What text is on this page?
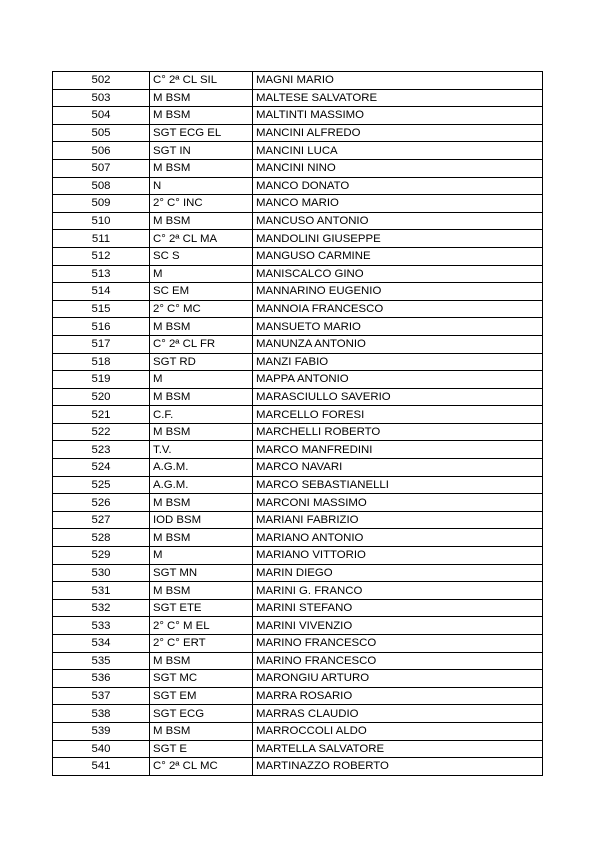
502	C° 2ª CL SIL	MAGNI MARIO
503	M BSM	MALTESE SALVATORE
504	M BSM	MALTINTI MASSIMO
505	SGT ECG EL	MANCINI ALFREDO
506	SGT IN	MANCINI LUCA
507	M BSM	MANCINI NINO
508	N	MANCO DONATO
509	2° C° INC	MANCO MARIO
510	M BSM	MANCUSO ANTONIO
511	C° 2ª CL MA	MANDOLINI GIUSEPPE
512	SC S	MANGUSO CARMINE
513	M	MANISCALCO GINO
514	SC EM	MANNARINO EUGENIO
515	2° C° MC	MANNOIA FRANCESCO
516	M BSM	MANSUETO MARIO
517	C° 2ª CL FR	MANUNZA ANTONIO
518	SGT RD	MANZI FABIO
519	M	MAPPA ANTONIO
520	M BSM	MARASCIULLO SAVERIO
521	C.F.	MARCELLO FORESI
522	M BSM	MARCHELLI ROBERTO
523	T.V.	MARCO MANFREDINI
524	A.G.M.	MARCO NAVARI
525	A.G.M.	MARCO SEBASTIANELLI
526	M BSM	MARCONI MASSIMO
527	IOD BSM	MARIANI FABRIZIO
528	M BSM	MARIANO ANTONIO
529	M	MARIANO VITTORIO
530	SGT MN	MARIN DIEGO
531	M BSM	MARINI G. FRANCO
532	SGT ETE	MARINI STEFANO
533	2° C° M EL	MARINI VIVENZIO
534	2° C° ERT	MARINO FRANCESCO
535	M BSM	MARINO FRANCESCO
536	SGT MC	MARONGIU ARTURO
537	SGT EM	MARRA ROSARIO
538	SGT ECG	MARRAS CLAUDIO
539	M BSM	MARROCCOLI ALDO
540	SGT E	MARTELLA SALVATORE
541	C° 2ª CL MC	MARTINAZZO ROBERTO
